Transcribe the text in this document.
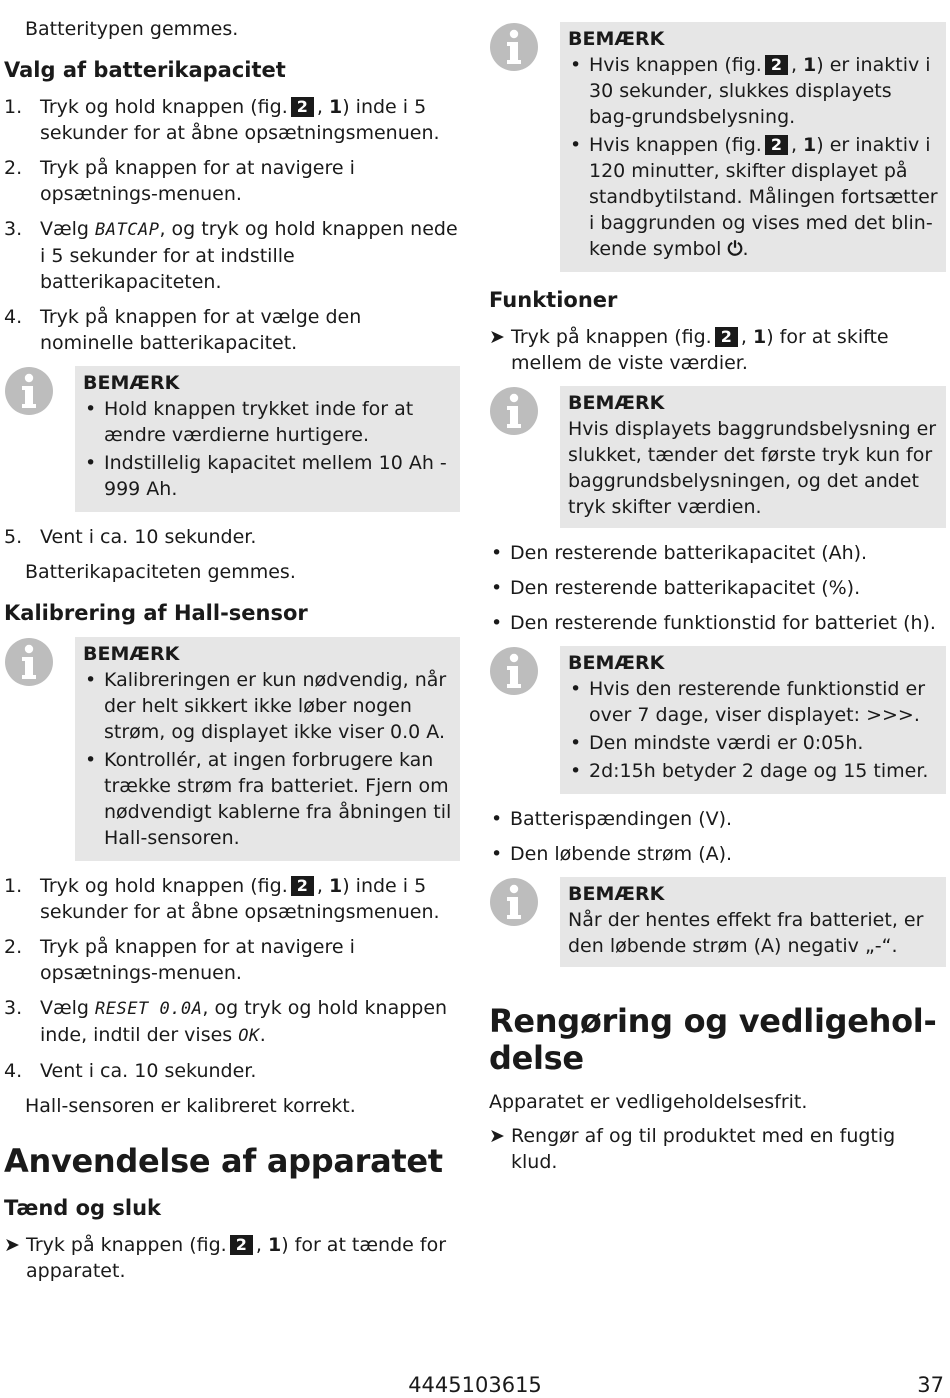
Batteritypen gemmes.

Valg af batterikapacitet
1. Tryk og hold knappen (fig. 2 , 1) inde i 5 sekunder for at åbne opsætningsmenuen.
2. Tryk på knappen for at navigere i opsætnings-menuen.
3. Vælg BATCAP, og tryk og hold knappen nede i 5 sekunder for at indstille batterikapaciteten.
4. Tryk på knappen for at vælge den nominelle batterikapacitet.

BEMÆRK

• Hold knappen trykket inde for at ændre værdierne hurtigere.
• Indstillelig kapacitet mellem 10 Ah - 999 Ah.
5. Vent i ca. 10 sekunder.

Batterikapaciteten gemmes.

Kalibrering af Hall-sensor

BEMÆRK

• Kalibreringen er kun nødvendig, når der helt sikkert ikke løber nogen strøm, og displayet ikke viser 0.0 A.
• Kontrollér, at ingen forbrugere kan trække strøm fra batteriet. Fjern om nødvendigt kablerne fra åbningen til Hall-sensoren.
1. Tryk og hold knappen (fig. 2 , 1) inde i 5 sekunder for at åbne opsætningsmenuen.
2. Tryk på knappen for at navigere i opsætnings-menuen.
3. Vælg RESET 0.0A, og tryk og hold knappen inde, indtil der vises OK.
4. Vent i ca. 10 sekunder.

Hall-sensoren er kalibreret korrekt.

Anvendelse af apparatet
Tænd og sluk
➤ Tryk på knappen (fig. 2 , 1) for at tænde for apparatet.

BEMÆRK

• Hvis knappen (fig. 2 , 1) er inaktiv i 30 sekunder, slukkes displayets bag-grundsbelysning.
• Hvis knappen (fig. 2 , 1) er inaktiv i 120 minutter, skifter displayet på standbytilstand. Målingen fortsætter i baggrunden og vises med det blin-kende symbol ⏻.
Funktioner
➤ Tryk på knappen (fig. 2 , 1) for at skifte mellem de viste værdier.

BEMÆRK

Hvis displayets baggrundsbelysning er slukket, tænder det første tryk kun for baggrundsbelysningen, og det andet tryk skifter værdien.

• Den resterende batterikapacitet (Ah).
• Den resterende batterikapacitet (%).
• Den resterende funktionstid for batteriet (h).

BEMÆRK

• Hvis den resterende funktionstid er over 7 dage, viser displayet: >>>.
• Den mindste værdi er 0:05h.
• 2d:15h betyder 2 dage og 15 timer.
• Batterispændingen (V).
• Den løbende strøm (A).

BEMÆRK

Når der hentes effekt fra batteriet, er den løbende strøm (A) negativ „-“.

Rengøring og vedligehol-delse

Apparatet er vedligeholdelsesfrit.

➤ Rengør af og til produktet med en fugtig klud.
4445103615	37
